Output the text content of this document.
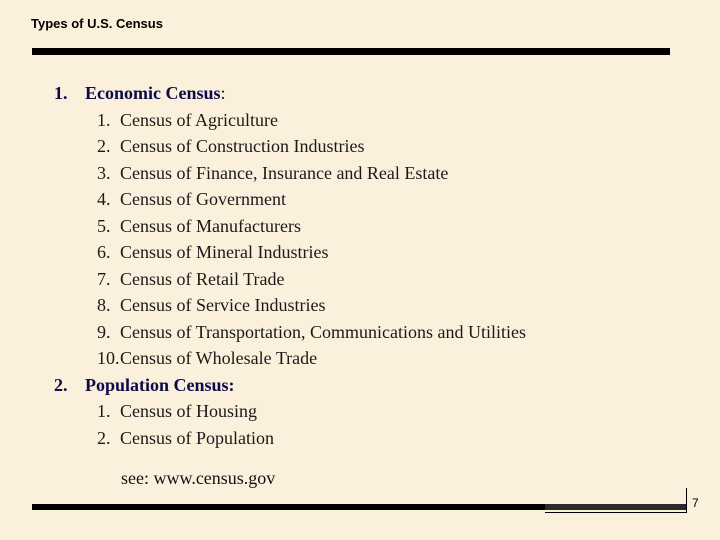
Types of U.S. Census
1. Economic Census:
1. Census of Agriculture
2. Census of Construction Industries
3. Census of Finance, Insurance and Real Estate
4. Census of Government
5. Census of Manufacturers
6. Census of Mineral Industries
7. Census of Retail Trade
8. Census of Service Industries
9. Census of Transportation, Communications and Utilities
10.Census of Wholesale Trade
2. Population Census:
1. Census of Housing
2. Census of Population
see: www.census.gov
7
